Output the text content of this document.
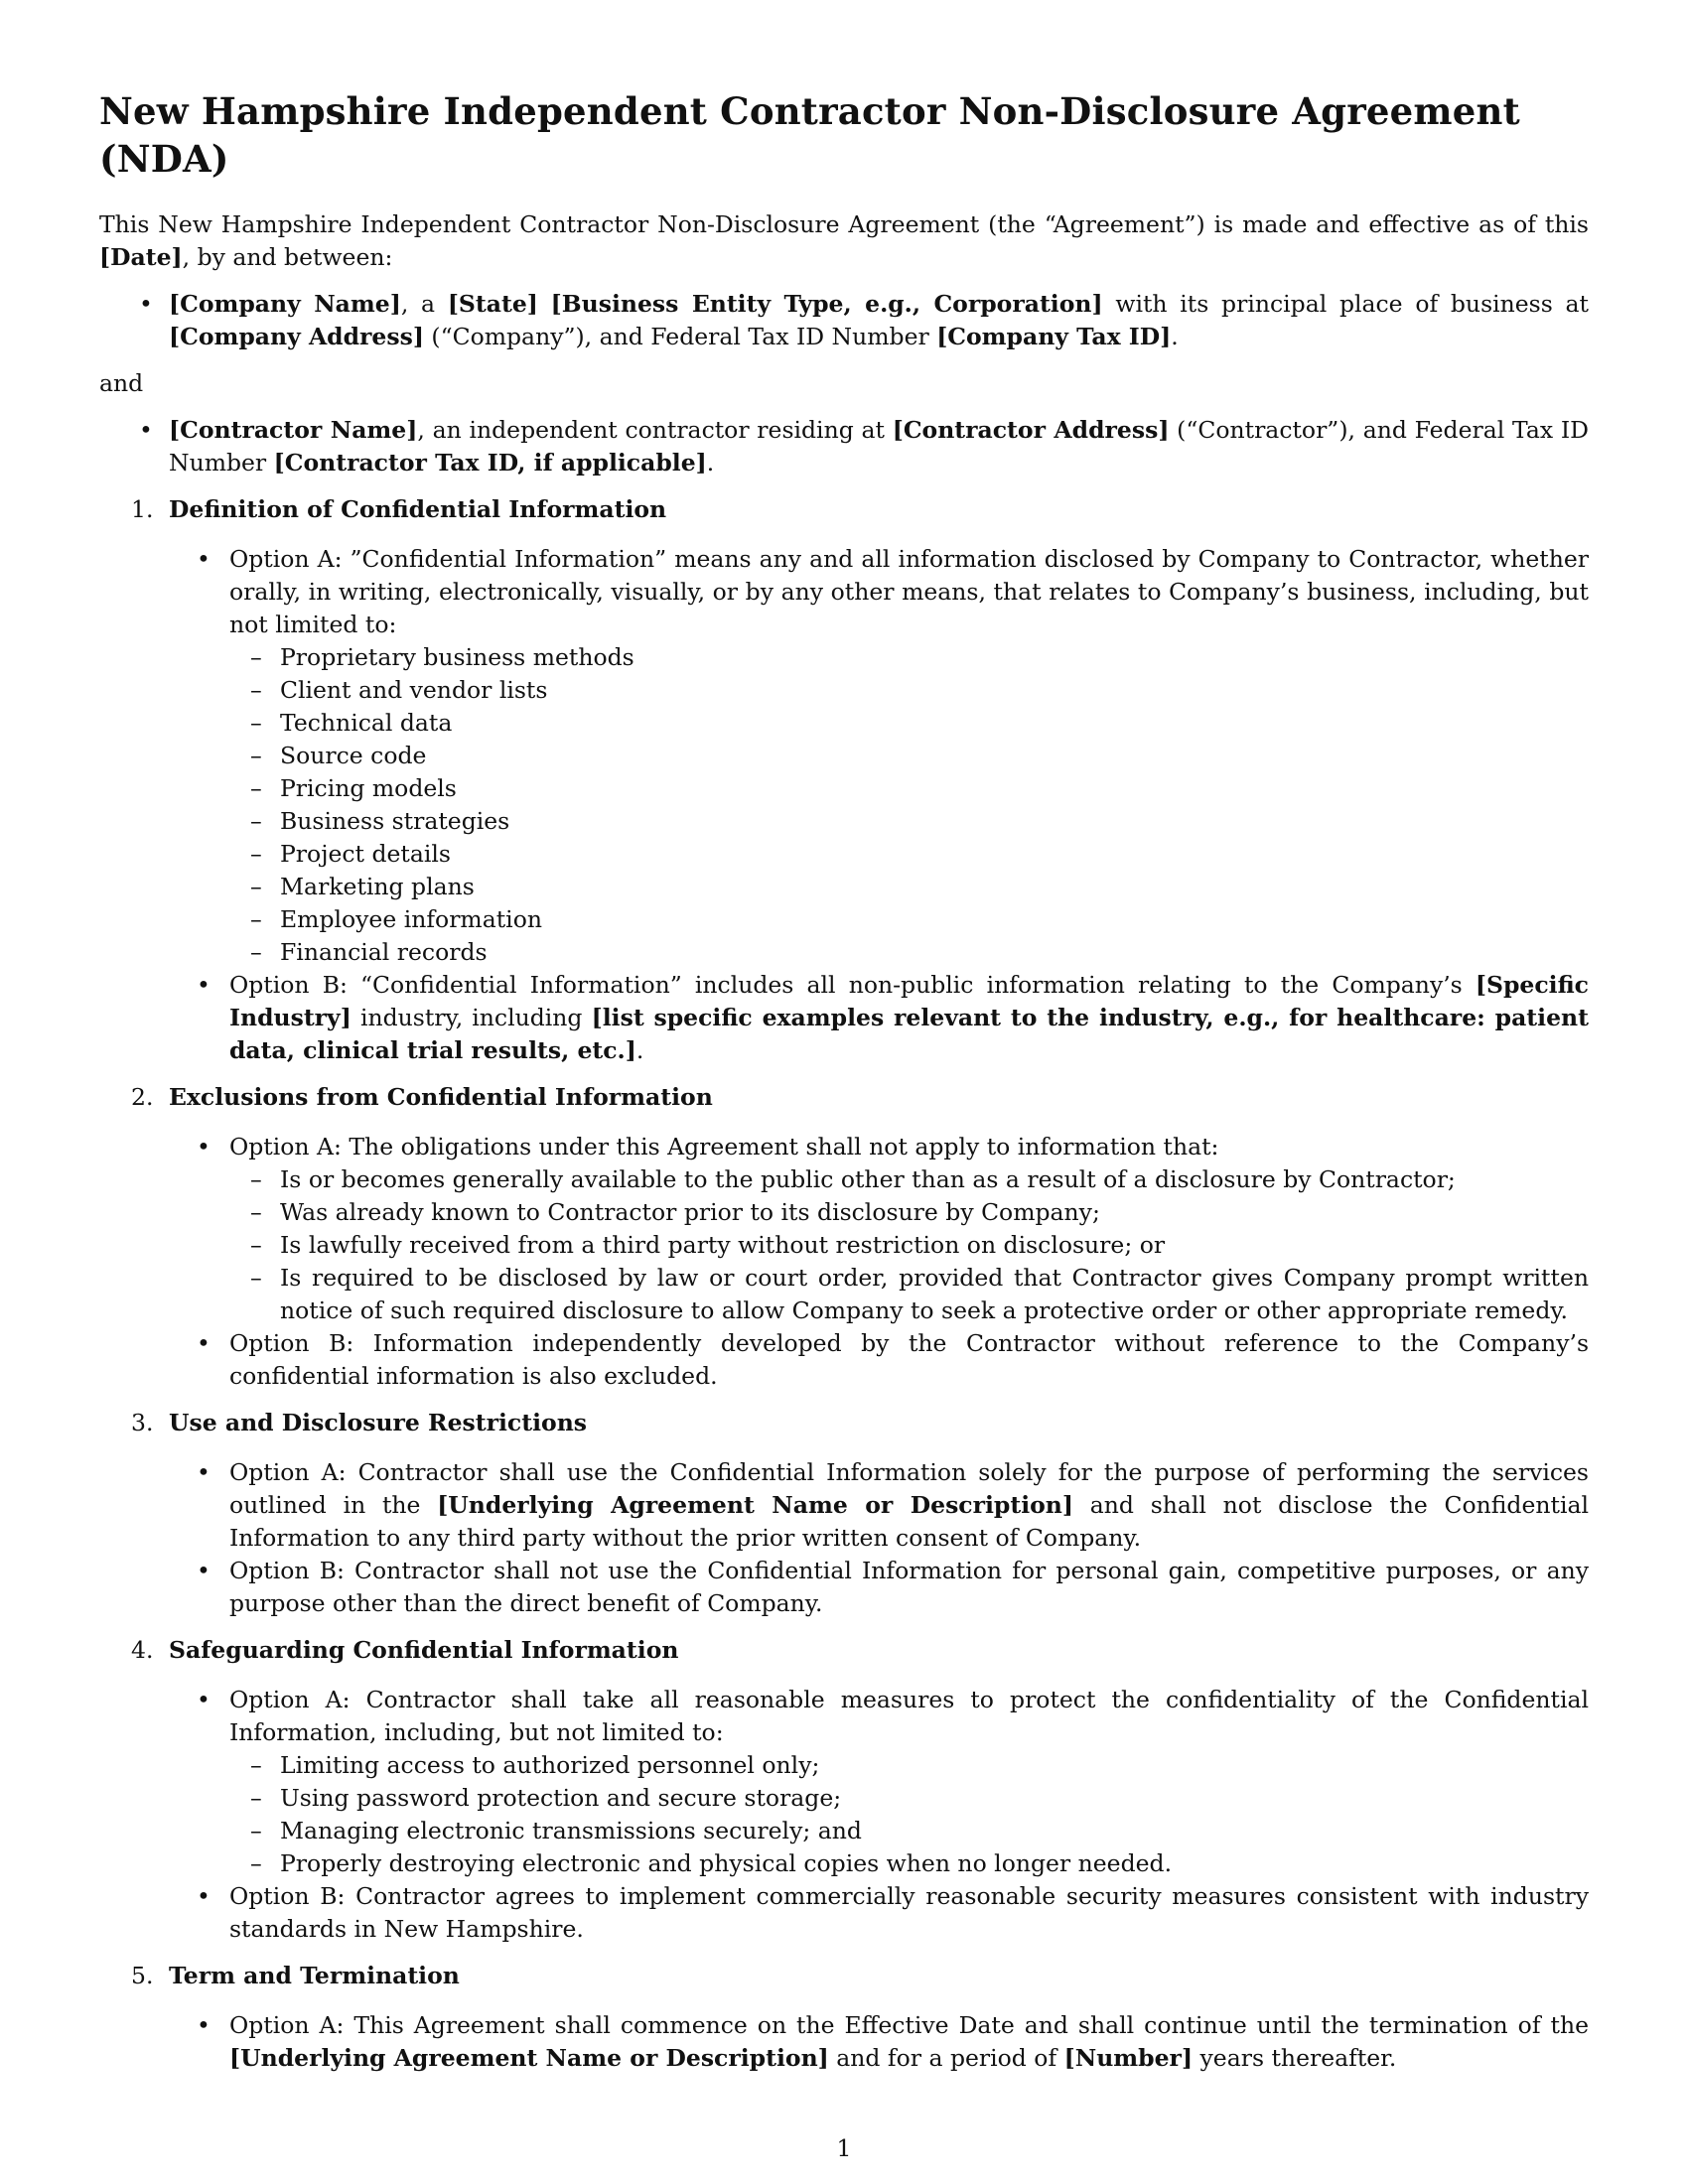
New Hampshire Independent Contractor Non-Disclosure Agreement (NDA)

This New Hampshire Independent Contractor Non-Disclosure Agreement (the “Agreement”) is made and effective as of this [Date], by and between:

• [Company Name], a [State] [Business Entity Type, e.g., Corporation] with its principal place of business at [Company Address] (“Company”), and Federal Tax ID Number [Company Tax ID].

and

• [Contractor Name], an independent contractor residing at [Contractor Address] (“Contractor”), and Federal Tax ID Number [Contractor Tax ID, if applicable].
1. Definition of Confidential Information
• Option A: ”Confidential Information” means any and all information disclosed by Company to Contractor, whether orally, in writing, electronically, visually, or by any other means, that relates to Company’s business, including, but not limited to:
– Proprietary business methods
– Client and vendor lists
– Technical data
– Source code
– Pricing models
– Business strategies
– Project details
– Marketing plans
– Employee information
– Financial records
• Option B: “Confidential Information” includes all non-public information relating to the Company’s [Specific Industry] industry, including [list specific examples relevant to the industry, e.g., for healthcare: patient data, clinical trial results, etc.].
2. Exclusions from Confidential Information
• Option A: The obligations under this Agreement shall not apply to information that:
– Is or becomes generally available to the public other than as a result of a disclosure by Contractor;
– Was already known to Contractor prior to its disclosure by Company;
– Is lawfully received from a third party without restriction on disclosure; or
– Is required to be disclosed by law or court order, provided that Contractor gives Company prompt written notice of such required disclosure to allow Company to seek a protective order or other appropriate remedy.
• Option B: Information independently developed by the Contractor without reference to the Company’s confidential information is also excluded.
3. Use and Disclosure Restrictions
• Option A: Contractor shall use the Confidential Information solely for the purpose of performing the services outlined in the [Underlying Agreement Name or Description] and shall not disclose the Confidential Information to any third party without the prior written consent of Company.
• Option B: Contractor shall not use the Confidential Information for personal gain, competitive purposes, or any purpose other than the direct benefit of Company.
4. Safeguarding Confidential Information
• Option A: Contractor shall take all reasonable measures to protect the confidentiality of the Confidential Information, including, but not limited to:
– Limiting access to authorized personnel only;
– Using password protection and secure storage;
– Managing electronic transmissions securely; and
– Properly destroying electronic and physical copies when no longer needed.
• Option B: Contractor agrees to implement commercially reasonable security measures consistent with industry standards in New Hampshire.
5. Term and Termination
• Option A: This Agreement shall commence on the Effective Date and shall continue until the termination of the [Underlying Agreement Name or Description] and for a period of [Number] years thereafter.
1
